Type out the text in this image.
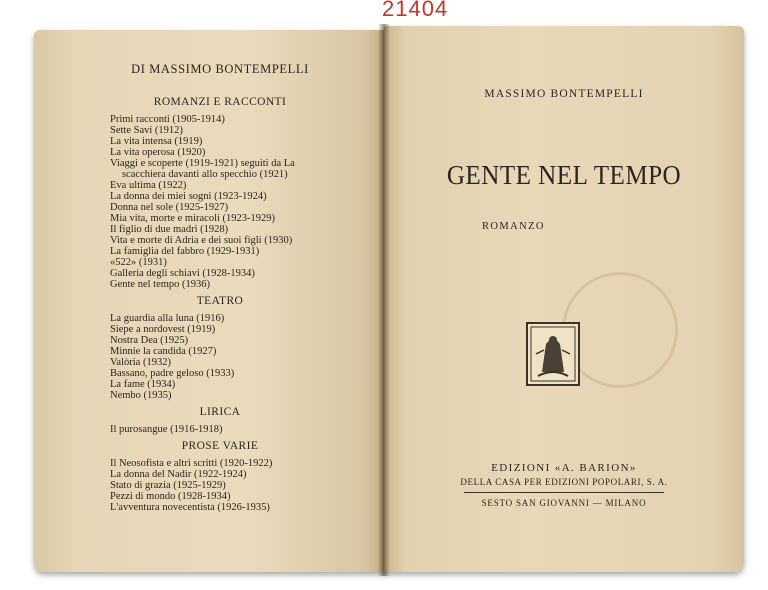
21404
DI MASSIMO BONTEMPELLI
ROMANZI E RACCONTI
Primi racconti (1905-1914)
Sette Savi (1912)
La vita intensa (1919)
La vita operosa (1920)
Viaggi e scoperte (1919-1921) seguiti da La
scacchiera davanti allo specchio (1921)
Eva ultima (1922)
La donna dei miei sogni (1923-1924)
Donna nel sole (1925-1927)
Mia vita, morte e miracoli (1923-1929)
Il figlio di due madri (1928)
Vita e morte di Adria e dei suoi figli (1930)
La famiglia del fabbro (1929-1931)
«522» (1931)
Galleria degli schiavi (1928-1934)
Gente nel tempo (1936)
TEATRO
La guardia alla luna (1916)
Siepe a nordovest (1919)
Nostra Dea (1925)
Minnie la candida (1927)
Valòria (1932)
Bassano, padre geloso (1933)
La fame (1934)
Nembo (1935)
LIRICA
Il purosangue (1916-1918)
PROSE VARIE
Il Neosofista e altri scritti (1920-1922)
La donna del Nadir (1922-1924)
Stato di grazia (1925-1929)
Pezzi di mondo (1928-1934)
L'avventura novecentista (1926-1935)
MASSIMO BONTEMPELLI
GENTE NEL TEMPO
ROMANZO
EDIZIONI «A. BARION»
DELLA CASA PER EDIZIONI POPOLARI, S. A.
SESTO SAN GIOVANNI — MILANO
